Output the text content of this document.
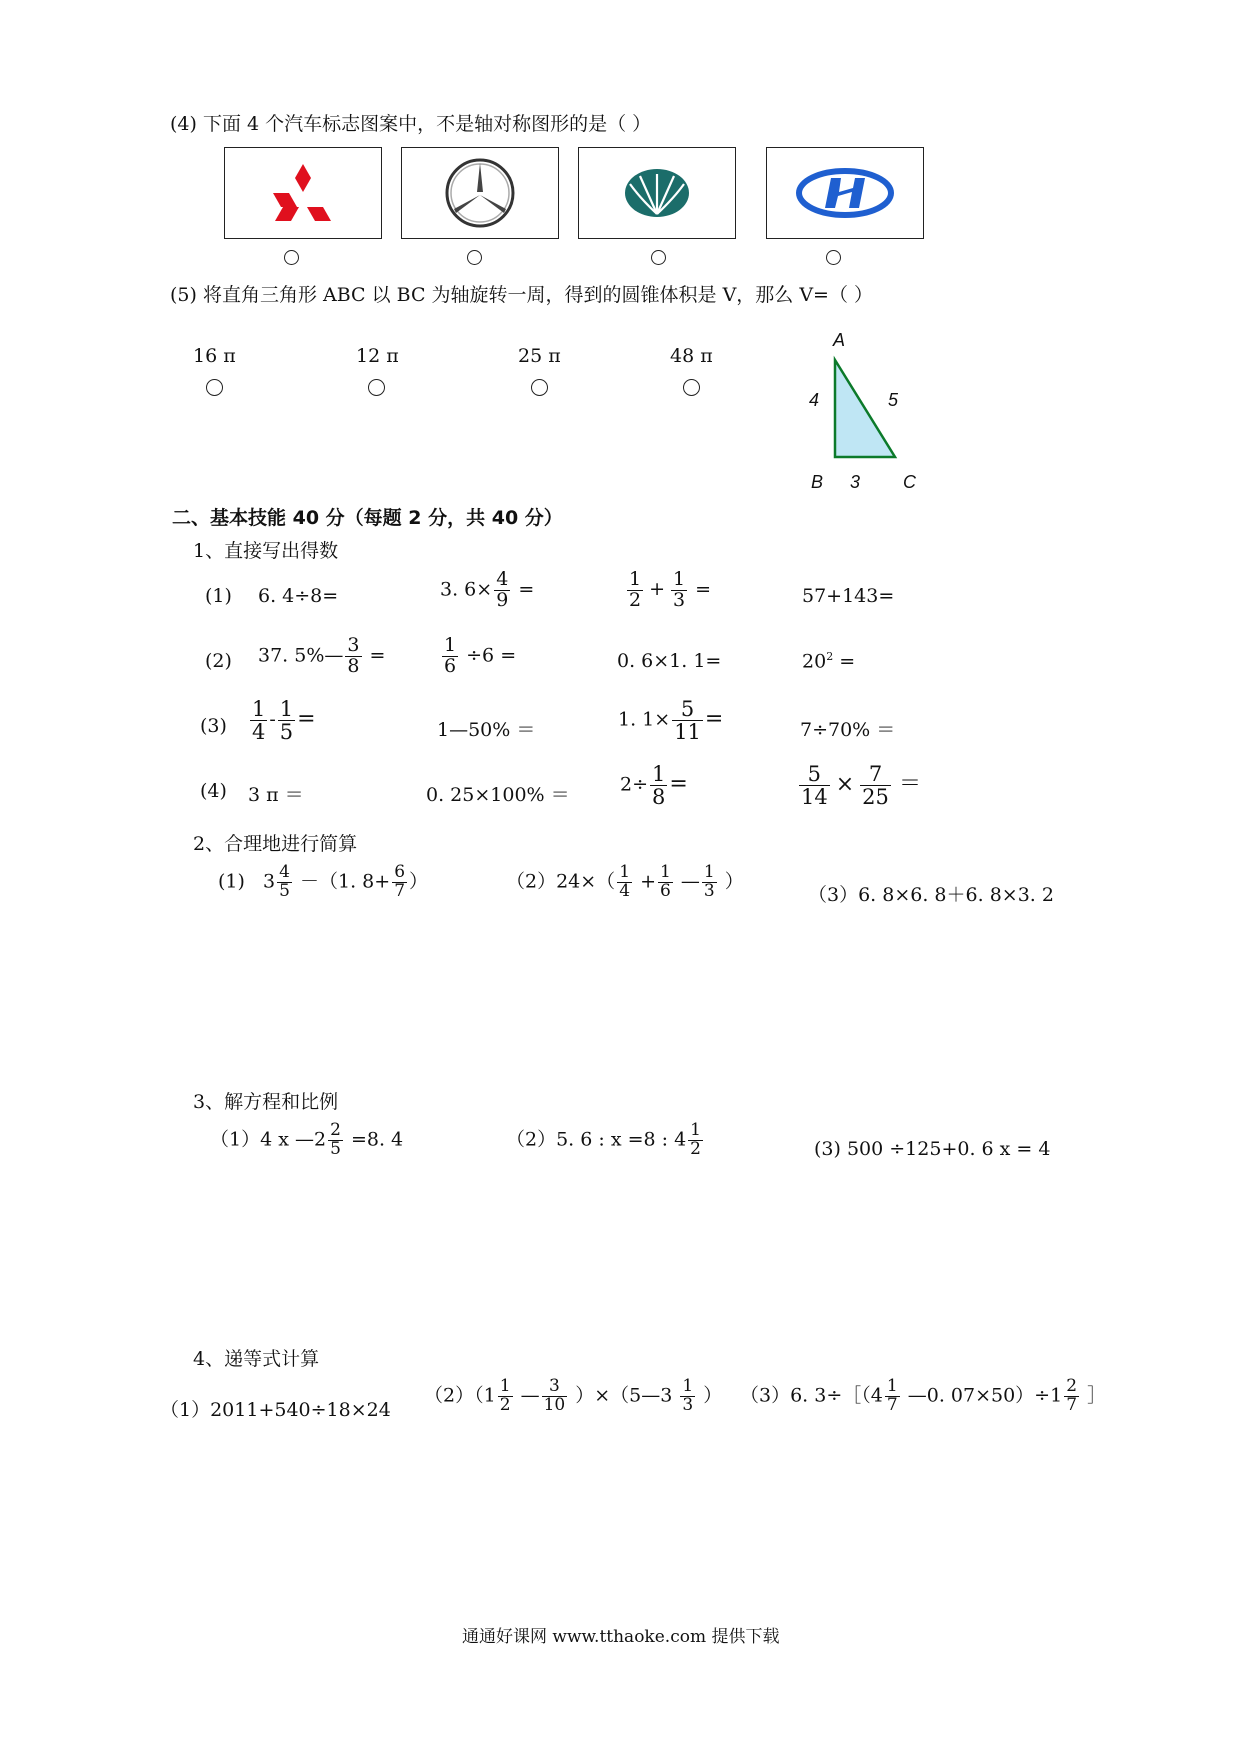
(4) 下面 4 个汽车标志图案中，不是轴对称图形的是（ ）
(5) 将直角三角形 ABC 以 BC 为轴旋转一周，得到的圆锥体积是 V，那么 V=（ ）
16 π	12 π	25 π	48 π
A
4	5
B 3 C
二、基本技能 40 分（每题 2 分，共 40 分）
1、直接写出得数
(1) 6. 4÷8=	3. $6\times \frac{4}{9}$ =	$\frac{1}{2} + \frac{1}{3}$ =	57+143=
(2) 37. 5%— $\frac{3}{8}$ =	$\frac{1}{6} \div 6$ =	0. 6×1. 1=	$20^2$ =
$(3) \frac{1}{4} - \frac{1}{5}$ =	1—50% ＝	1. $1\times \frac{5}{11}$ =	7÷70% ＝
(4) 3 π ＝	0. 25×100% ＝	$2\div \frac{1}{8}$ =	$\frac{5}{14} \times \frac{7}{25}$ ＝
2、合理地进行简算
(1) $3 \frac{4}{5} -(1$. $8+ \frac{6}{7}$ ）	$(2)24\times( \frac{1}{4} + \frac{1}{6}$ — $\frac{1}{3}$ ）
（3）6. 8×6. 8＋6. 8×3. 2
3、解方程和比例
（1）4 x —2 $\frac{2}{5} =8$. 4	（2）5. 6 : x =8 : $4 \frac{1}{2}$	(3) 500 ÷125+0. 6 x = 4
4、递等式计算
（1）2011+540÷18×24
$(2)(1 \frac{1}{2}$ — $\frac{3}{10}$ ）×（5—3 $\frac{1}{3}$ ） （3）6. 3÷［（4 $\frac{1}{7}$ —0. $07\times 50)\div 1 \frac{2}{7}$ ］
通通好课网 www.tthaoke.com 提供下载
